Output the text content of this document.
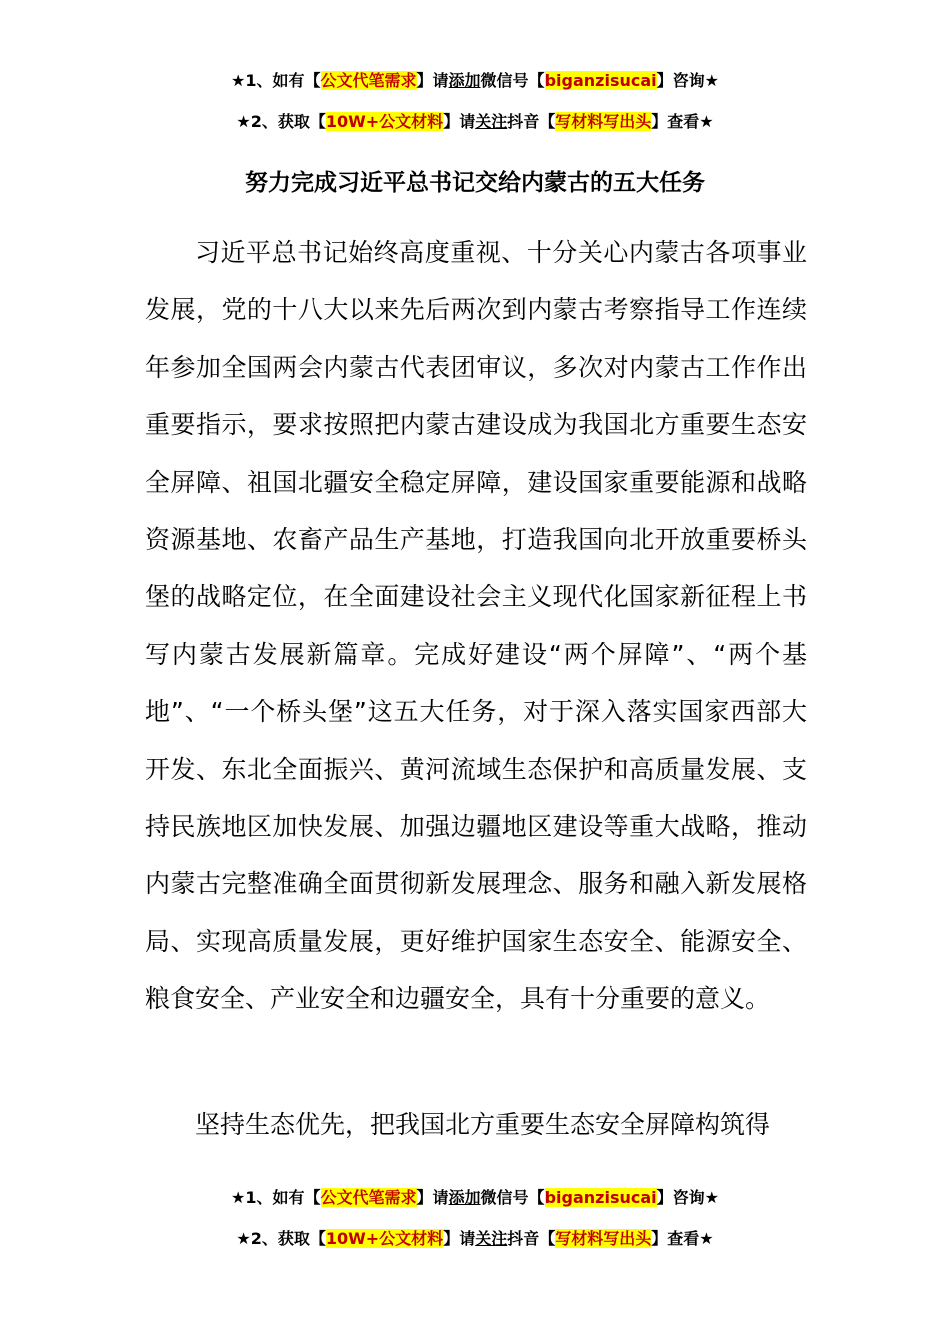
★1、如有【公文代笔需求】请添加微信号【biganzisucai】咨询★
★2、获取【10W+公文材料】请关注抖音【写材料写出头】查看★
努力完成习近平总书记交给内蒙古的五大任务

习近平总书记始终高度重视、十分关心内蒙古各项事业发展，党的十八大以来先后两次到内蒙古考察指导工作连续年参加全国两会内蒙古代表团审议，多次对内蒙古工作作出重要指示，要求按照把内蒙古建设成为我国北方重要生态安全屏障、祖国北疆安全稳定屏障，建设国家重要能源和战略资源基地、农畜产品生产基地，打造我国向北开放重要桥头堡的战略定位，在全面建设社会主义现代化国家新征程上书写内蒙古发展新篇章。完成好建设“两个屏障”、“两个基地”、“一个桥头堡”这五大任务，对于深入落实国家西部大开发、东北全面振兴、黄河流域生态保护和高质量发展、支持民族地区加快发展、加强边疆地区建设等重大战略，推动内蒙古完整准确全面贯彻新发展理念、服务和融入新发展格局、实现高质量发展，更好维护国家生态安全、能源安全、粮食安全、产业安全和边疆安全，具有十分重要的意义。

坚持生态优先，把我国北方重要生态安全屏障构筑得

★1、如有【公文代笔需求】请添加微信号【biganzisucai】咨询★
★2、获取【10W+公文材料】请关注抖音【写材料写出头】查看★
